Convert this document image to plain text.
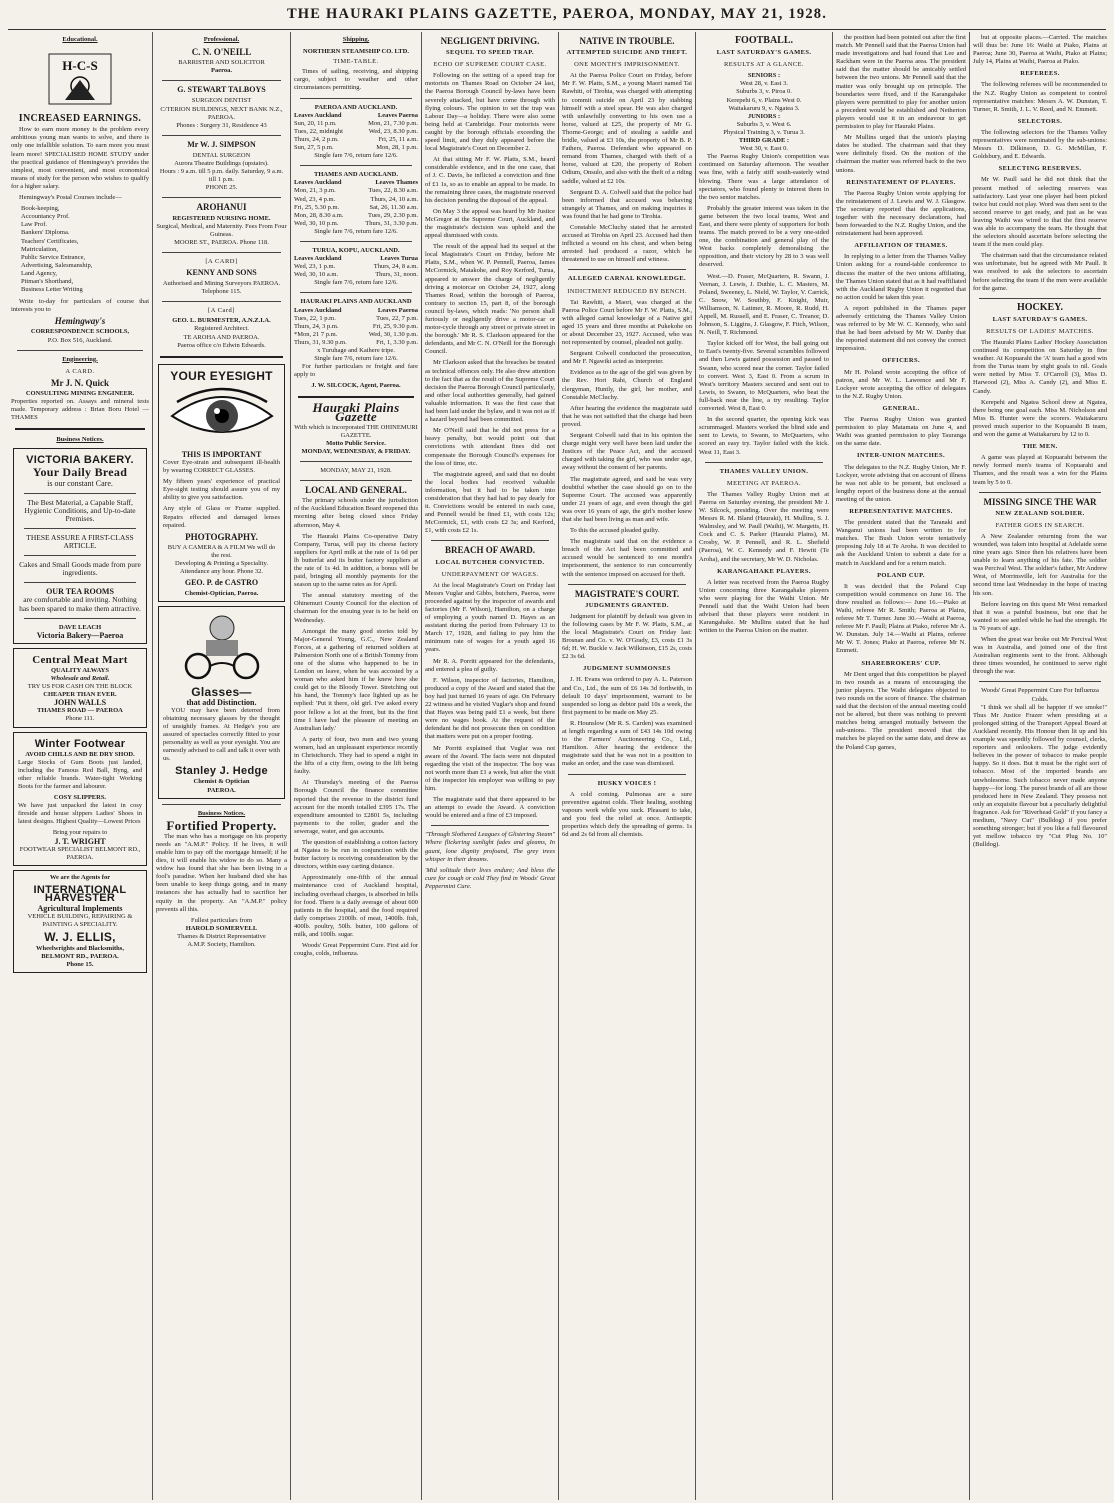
THE HAURAKI PLAINS GAZETTE, PAEROA, MONDAY, MAY 21, 1928.
Educational.
H-C-S
INCREASED EARNINGS.

How to earn more money is the problem every ambitious young man wants to solve, and there is only one infallible solution. To earn more you must learn more! SPECIALISED HOME STUDY under the practical guidance of Hemingway's provides the simplest, most convenient, and most economical means of study for the person who wishes to qualify for a higher salary.

Hemingway's Postal Courses include—

Book-keeping,
Accountancy Prof.
Law Prof.
Bankers' Diploma.
Teachers' Certificates,
Matriculation,
Public Service Entrance,
Advertising, Salesmanship,
Land Agency,
Pitman's Shorthand,
Business Letter Writing

Write to-day for particulars of course that interests you to

Hemingway's
CORRESPONDENCE SCHOOLS,
P.O. Box 516, Auckland.
Engineering.
A CARD.
Mr J. N. Quick
CONSULTING MINING ENGINEER.

Properties reported on. Assays and mineral tests made. Temporary address : Brian Boru Hotel — THAMES

Business Notices.
VICTORIA BAKERY.
Your Daily Bread
is our constant Care.
The Best Material, a Capable Staff, Hygienic Conditions, and Up-to-date Premises.
THESE ASSURE A FIRST-CLASS ARTICLE.
Cakes and Small Goods made from pure ingredients.
OUR TEA ROOMS
are comfortable and inviting. Nothing has been spared to make them attractive.
DAVE LEACH
Victoria Bakery—Paeroa
Central Meat Mart
QUALITY ALWAYS
Wholesale and Retail.
TRY US FOR CASH ON THE BLOCK
CHEAPER THAN EVER.
JOHN WALLS
THAMES ROAD — PAEROA
Phone 111.
Winter Footwear
AVOID CHILLS AND BE DRY SHOD.

Large Stocks of Gum Boots just landed, including the Famous Red Ball, Byng, and other reliable brands. Water-tight Working Boots for the farmer and labourer.

COSY SLIPPERS.

We have just unpacked the latest in cosy fireside and house slippers Ladies' Shoes in latest designs. Highest Quality—Lowest Prices

Bring your repairs to
J. T. WRIGHT
FOOTWEAR SPECIALIST BELMONT RD., PAEROA.
We are the Agents for
INTERNATIONAL HARVESTER
Agricultural Implements
VEHICLE BUILDING, REPAIRING & PAINTING A SPECIALITY.
W. J. ELLIS,
Wheelwrights and Blacksmiths,
BELMONT RD., PAEROA.
Phone 15.
Professional.
C. N. O'NEILL
BARRISTER AND SOLICITOR
Paeroa.
G. STEWART TALBOYS
SURGEON DENTIST
C/TERION BUILDINGS, NEXT BANK N.Z., PAEROA.
Phones : Surgery 31, Residence 43
Mr W. J. SIMPSON
DENTAL SURGEON
Aurora Theatre Buildings (upstairs).
Hours : 9 a.m. till 5 p.m. daily. Saturday, 9 a.m. till 1 p.m.
PHONE 25.
AROHANUI
REGISTERED NURSING HOME.
Surgical, Medical, and Maternity. Fees From Four Guineas.
MOORE ST., PAEROA. Phone 118.
[A CARD]
KENNY AND SONS
Authorised and Mining Surveyors PAEROA.
Telephone 115.
[A Card]
GEO. L. BURMESTER, A.N.Z.I.A.
Registered Architect.
TE AROHA AND PAEROA.
Paeroa office c/o Edwin Edwards.
YOUR EYESIGHT
THIS IS IMPORTANT

Cover Eye-strain and subsequent ill-health by wearing CORRECT GLASSES.

My fifteen years' experience of practical Eye-sight testing should assure you of my ability to give you satisfaction.

Any style of Glass or Frame supplied. Repairs effected and damaged lenses repaired.

PHOTOGRAPHY.
BUY A CAMERA & A FILM We will do the rest.
Developing & Printing a Speciality. Attendance any hour. Phone 32.
GEO. P. de CASTRO
Chemist-Optician, Paeroa.
Glasses—
that add Distinction.

YOU may have been deterred from obtaining necessary glasses by the thought of unsightly frames. At Hedge's you are assured of spectacles correctly fitted to your personality as well as your eyesight. You are earnestly advised to call and talk it over with us.

Stanley J. Hedge
Chemist & Optician
PAEROA.
Business Notices.
Fortified Property.

The man who has a mortgage on his property needs an "A.M.P." Policy. If he lives, it will enable him to pay off the mortgage himself; if he dies, it will enable his widow to do so. Many a widow has found that she has been living in a fool's paradise. When her husband died she has been unable to keep things going, and in many instances she has actually had to sacrifice her equity in the property. An "A.M.P." policy prevents all this.

Fullest particulars from
HAROLD SOMERVELL
Thames & District Representative
A.M.P. Society, Hamilton.
Shipping.
NORTHERN STEAMSHIP CO. LTD.
TIME-TABLE.

Times of sailing, receiving, and shipping cargo, subject to weather and other circumstances permitting.

PAEROA AND AUCKLAND.
Leaves Auckland	Leaves Paeroa
Sun, 20, 11 p.m.	Mon, 21, 7.30 p.m.
Tues, 22, midnight	Wed, 23, 8.30 p.m.
Thurs, 24, 2 p.m.	Fri, 25, 11 a.m.
Sun, 27, 5 p.m.	Mon, 28, 1 p.m.
Single fare 7/6, return fare 12/6.
THAMES AND AUCKLAND.
Leaves Auckland	Leaves Thames
Mon, 21, 3 p.m.	Tues, 22, 8.30 a.m.
Wed, 23, 4 p.m.	Thurs, 24, 10 a.m.
Fri, 25, 5.30 p.m.	Sat, 26, 11.30 a.m.
Mon, 28, 8.30 a.m.	Tues, 29, 2.30 p.m.
Wed, 30, 10 p.m.	Thurs, 31, 3.30 p.m.
Single fare 7/6, return fare 12/6.
TURUA, KOPU, AUCKLAND.
Leaves Auckland	Leaves Turua
Wed, 23, 1 p.m.	Thurs, 24, 8 a.m.
Wed, 30, 10 a.m.	Thurs, 31, noon.
Single fare 7/6, return fare 12/6.
HAURAKI PLAINS AND AUCKLAND
Leaves Auckland	Leaves Paeroa
Tues, 22, 1 p.m.	Tues, 22, 7 p.m.
Thurs, 24, 3 p.m.	Fri, 25, 9.30 p.m.
*Mon, 21 7 p.m.	Wed, 30, 1.30 p.m.
Thurs, 31, 9.30 p.m.	Fri, 1, 3.30 p.m.
x Turuhage and Kaihere tripe.
Single fare 7/6, return fare 12/6.

For further particulars re freight and fare apply to

J. W. SILCOCK, Agent, Paeroa.
Hauraki Plains Gazette
With which is incorporated THE OHINEMURI GAZETTE.
Motto Public Service.
MONDAY, WEDNESDAY, & FRIDAY.
MONDAY, MAY 21, 1928.
LOCAL AND GENERAL.

The primary schools under the jurisdiction of the Auckland Education Board reopened this morning after being closed since Friday afternoon, May 4.

The Hauraki Plains Co-operative Dairy Company, Turua, will pay its cheese factory suppliers for April milk at the rate of 1s 6d per lb butterfat and its butter factory suppliers at the rate of 1s 4d. In addition, a bonus will be paid, bringing all monthly payments for the season up to the same rates as for April.

The annual statutory meeting of the Ohinemuri County Council for the election of chairman for the ensuing year is to be held on Wednesday.

Amongst the many good stories told by Major-General Young, G.C., New Zealand Forces, at a gathering of returned soldiers at Palmerston North one of a British Tommy from one of the slums who happened to be in London on leave, when he was accosted by a woman who asked him if he knew how she could get to the Bloody Tower. Stretching out his hand, the Tommy's face lighted up as he replied: 'Put it there, old girl. I've asked every poor fellow a lot at the front, but its the first time I have had the pleasure of meeting an Australian lady.'

A party of four, two men and two young women, had an unpleasant experience recently in Christchurch. They had to spend a night in the lifts of a city firm, owing to the lift being faulty.

At Thursday's meeting of the Paeroa Borough Council the finance committee reported that the revenue in the district fund account for the month totalled £395 17s. The expenditure amounted to £2801 5s, including payments to the roller, grader and the sewerage, water, and gas accounts.

The question of establishing a cotton factory at Ngatea to be run in conjunction with the butter factory is receiving consideration by the directors, within easy carting distance.

Approximately one-fifth of the annual maintenance cost of Auckland hospital, including overhead charges, is absorbed in bills for food. There is a daily average of about 600 patients in the hospital, and the food required daily comprises 2100lb. of meat, 1400lb. fish, 400lb. poultry, 50lb. butter, 100 gallons of milk, and 100lb. sugar.

Woods' Great Peppermint Cure. First aid for coughs, colds, influenza.

NEGLIGENT DRIVING.
SEQUEL TO SPEED TRAP.
ECHO OF SUPREME COURT CASE.

Following on the setting of a speed trap for motorists on Thames Road on October 24 last, the Paeroa Borough Council by-laws have been severely attacked, but have come through with flying colours. The opinion to set the trap was Labour Day—a holiday. There were also some being held at Cambridge. Four motorists were caught by the borough officials exceeding the speed limit, and they duly appeared before the local Magistrate's Court on December 2.

At that sitting Mr F. W. Platts, S.M., heard considerable evidence, and in the one case, that of J. C. Davis, he inflicted a conviction and fine of £1 1s, so as to enable an appeal to be made. In the remaining three cases, the magistrate reserved his decision pending the disposal of the appeal.

On May 3 the appeal was heard by Mr Justice McGregor at the Supreme Court, Auckland, and the magistrate's decision was upheld and the appeal dismissed with costs.

The result of the appeal had its sequel at the local Magistrate's Court on Friday, before Mr Platts, S.M., when W. P. Pennell, Paeroa, James McCormick, Matakohe, and Roy Kerford, Turua, appeared to answer the charge of negligently driving a motorcar on October 24, 1927, along Thames Road, within the borough of Paeroa, contrary to section 15, part 8, of the borough council by-laws, which reads: 'No person shall furiously or negligently drive a motor-car or motor-cycle through any street or private street in the borough.' Mr R. S. Clarkson appeared for the defendants, and Mr C. N. O'Neill for the Borough Council.

Mr Clarkson asked that the breaches be treated as technical offences only. He also drew attention to the fact that as the result of the Supreme Court decision the Paeroa Borough Council particularly, and other local authorities generally, had gained valuable information. It was the first case that had been laid under the bylaw, and it was not as if a hazard beyond had been committed.

Mr O'Neill said that he did not press for a heavy penalty, but would point out that convictions with attendant fines did not compensate the Borough Council's expenses for the loss of time, etc.

The magistrate agreed, and said that no doubt the local bodies had received valuable information, but it had to be taken into consideration that they had had to pay dearly for it. Convictions would be entered in each case, and Pennell would be fined £1, with costs 12s; McCormick, £1, with costs £2 3s; and Kerford, £1, with costs £2 1s.

BREACH OF AWARD.
LOCAL BUTCHER CONVICTED.
UNDERPAYMENT OF WAGES.

At the local Magistrate's Court on Friday last Messrs Vuglar and Gibbs, butchers, Paeroa, were proceeded against by the inspector of awards and factories (Mr F. Wilson), Hamilton, on a charge of employing a youth named D. Hayes as an assistant during the period from February 13 to March 17, 1928, and failing to pay him the minimum rate of wages for a youth aged 16 years.

Mr R. A. Porritt appeared for the defendants, and entered a plea of guilty.

F. Wilson, inspector of factories, Hamilton, produced a copy of the Award and stated that the boy had just turned 16 years of age. On February 22 witness and he visited Vuglar's shop and found that Hayes was being paid £1 a week, but there were no wages book. At the request of the defendant he did not prosecute then on condition that matters were put on a proper footing.

Mr Porritt explained that Vuglar was not aware of the Award. The facts were not disputed regarding the visit of the inspector. The boy was not worth more than £1 a week, but after the visit of the inspector his employer was willing to pay him.

The magistrate said that there appeared to be an attempt to evade the Award. A conviction would be entered and a fine of £3 imposed.

"Through Slothered Leagues of Glistering Steam" Where flickering sunlight fades and gleams, In gaunt, lone dignity profound, The grey trees whisper in their dreams.

'Mid solitude their lives endure; And bless the cure for cough or cold They find in Woods' Great Peppermint Cure.

NATIVE IN TROUBLE.
ATTEMPTED SUICIDE AND THEFT.
ONE MONTH'S IMPRISONMENT.

At the Paeroa Police Court on Friday, before Mr F. W. Platts, S.M., a young Maori named Tai Rawhiti, of Tirohia, was charged with attempting to commit suicide on April 23 by stabbing himself with a steel spear. He was also charged with unlawfully converting to his own use a horse, valued at £25, the property of Mr G. Thorne-George; and of stealing a saddle and bridle, valued at £3 10s, the property of Mr B. P. Fathers, Paeroa. Defendant who appeared on remand from Thames, charged with theft of a horse, valued at £20, the property of Robert Odium, Onsulo, and also with the theft of a riding saddle, valued at £2 10s.

Sergeant D. A. Colwell said that the police had been informed that accused was behaving strangely at Thames, and on making inquiries it was found that he had gone to Tirohia.

Constable McCluchy stated that he arrested accused at Tirohia on April 23. Accused had then inflicted a wound on his chest, and when being arrested had produced a razor, which he threatened to use on himself and witness.

ALLEGED CARNAL KNOWLEDGE.
INDICTMENT REDUCED BY BENCH.

Tai Rawhiti, a Maori, was charged at the Paeroa Police Court before Mr F. W. Platts, S.M., with alleged carnal knowledge of a Native girl aged 15 years and three months at Pukekohe on or about December 23, 1927. Accused, who was not represented by counsel, pleaded not guilty.

Sergeant Colwell conducted the prosecution, and Mr F. Ngawiki acted as interpreter.

Evidence as to the age of the girl was given by the Rev. Hori Rahi, Church of England clergyman, Huntly, the girl, her mother, and Constable McCluchy.

After hearing the evidence the magistrate said that he was not satisfied that the charge had been proved.

Sergeant Colwell said that in his opinion the charge might very well have been laid under the Justices of the Peace Act, and the accused charged with taking the girl, who was under age, away without the consent of her parents.

The magistrate agreed, and said he was very doubtful whether the case should go on to the Supreme Court. The accused was apparently under 21 years of age, and even though the girl was over 16 years of age, the girl's mother knew that she had been living as man and wife.

To this the accused pleaded guilty.

The magistrate said that on the evidence a breach of the Act had been committed and accused would be sentenced to one month's imprisonment, the sentence to run concurrently with the sentence imposed on accused for theft.

MAGISTRATE'S COURT.
JUDGMENTS GRANTED.

Judgment for plaintiff by default was given in the following cases by Mr F. W. Platts, S.M., at the local Magistrate's Court on Friday last: Brosnan and Co. v. W. O'Grady, £3, costs £1 3s 6d; H. W. Buckle v. Jack Wilkinson, £15 2s, costs £2 3s 6d.

JUDGMENT SUMMONSES

J. H. Evans was ordered to pay A. L. Paterson and Co., Ltd., the sum of £6 14s 3d forthwith, in default 10 days' imprisonment, warrant to be suspended so long as debtor paid 10s a week, the first payment to be made on May 25.

R. Hounslow (Mr R. S. Carden) was examined at length regarding a sum of £43 14s 10d owing to the Farmers' Auctioneering Co., Ltd., Hamilton. After hearing the evidence the magistrate said that he was not in a position to make an order, and the case was dismissed.

HUSKY VOICES !

A cold coming. Pulmonas are a sure preventive against colds. Their healing, soothing vapours work while you suck. Pleasant to take, and you feel the relief at once. Antiseptic properties which defy the spreading of germs. 1s 6d and 2s 6d from all chemists.

FOOTBALL.
LAST SATURDAY'S GAMES.
RESULTS AT A GLANCE.
SENIORS :
West 28, v. East 3.
Suburbs 3, v. Piroa 0.
Kerepehi 6, v. Plains West 0.
Waitakaruru 9, v. Ngatea 3.
JUNIORS :
Suburbs 3, v. West 6.
Physical Training 3, v. Turua 3.
THIRD GRADE :
West 30, v. East 0.

The Paeroa Rugby Union's competition was continued on Saturday afternoon. The weather was fine, with a fairly stiff south-easterly wind blowing. There was a large attendance of spectators, who found plenty to interest them in the two senior matches.

Probably the greater interest was taken in the game between the two local teams, West and East, and there were plenty of supporters for both teams. The match proved to be a very one-sided one, the combination and general play of the West backs completely demoralising the opposition, and their victory by 28 to 3 was well deserved.

West.—D. Fraser, McQuarters, R. Swann, J. Veenan, J. Lewis, J. Duthie, L. C. Masters, M. Poland, Sweeney, L. Nield, W. Taylor, V. Carrick, C. Snow, W. Southby, F. Knight, Muir, Williamson, N. Latimer, R. Moore, R. Rudd, H. Appell, M. Russell, and E. Fraser, C. Treanor, D. Johnson, S. Liggins, J. Glasgow, F. Fitch, Wilson, N. Neill, T. Richmond.

Taylor kicked off for West, the ball going out to East's twenty-five. Several scrambles followed and then Lewis gained possession and passed to Swann, who scored near the corner. Taylor failed to convert. West 3, East 0. From a scrum in West's territory Masters secured and sent out to Lewis, to Swann, to McQuarters, who beat the full-back near the line, a try resulting. Taylor converted. West 8, East 0.

In the second quarter, the opening kick was scrummaged. Masters worked the blind side and sent to Lewis, to Swann, to McQuarters, who scored an easy try. Taylor failed with the kick. West 11, East 3.

THAMES VALLEY UNION.
MEETING AT PAEROA.

The Thames Valley Rugby Union met at Paeroa on Saturday evening, the president Mr J. W. Silcock, presiding. Over the meeting were Messrs R. M. Bland (Hauraki), H. Mullins, S. J. Walmsley, and W. Paull (Waihi), W. Margetts, H. Cock and C. S. Parker (Hauraki Plains), M. Crosby, W. P. Pennell, and R. L. Shefield (Paeroa), W. C. Kennedy and F. Hewitt (Te Aroha), and the secretary, Mr W. D. Nicholas.

KARANGAHAKE PLAYERS.

A letter was received from the Paeroa Rugby Union concerning three Karangahake players who were playing for the Waihi Union. Mr Pennell said that the Waihi Union had been advised that these players were resident in Karangahake. Mr Mullins stated that he had written to the Paeroa Union on the matter.

the position had been pointed out after the first match. Mr Pennell said that the Paeroa Union had made investigations and had found that Lee and Rackham were in the Paeroa area. The president said that the matter should be amicably settled between the two unions. Mr Pennell said that the matter was only brought up on principle. The boundaries were fixed, and if the Karangahake players were permitted to play for another union a precedent would be established and Netherton players would use it in an endeavour to get permission to play for Hauraki Plains.

Mr Mullins urged that the union's playing dates be studied. The chairman said that they were definitely fixed. On the motion of the chairman the matter was referred back to the two unions.

REINSTATEMENT OF PLAYERS.

The Paeroa Rugby Union wrote applying for the reinstatement of J. Lewis and W. J. Glasgow. The secretary reported that the applications, together with the necessary declarations, had been forwarded to the N.Z. Rugby Union, and the reinstatement had been approved.

AFFILIATION OF THAMES.

In replying to a letter from the Thames Valley Union asking for a round-table conference to discuss the matter of the two unions affiliating, the Thames Union stated that as it had reaffiliated with the Auckland Rugby Union it regretted that no action could be taken this year.

A report published in the Thames paper adversely criticising the Thames Valley Union was referred to by Mr W. C. Kennedy, who said that he had been advised by Mr W. Danby that the reported statement did not convey the correct impression.

OFFICERS.

Mr H. Poland wrote accepting the office of patron, and Mr W. L. Lawrence and Mr F. Lockyer wrote accepting the office of delegates to the N.Z. Rugby Union.

GENERAL.

The Paeroa Rugby Union was granted permission to play Matamata on June 4, and Waihi was granted permission to play Tauranga on the same date.

INTER-UNION MATCHES.

The delegates to the N.Z. Rugby Union, Mr F. Lockyer, wrote advising that on account of illness he was not able to be present, but enclosed a lengthy report of the business done at the annual meeting of the union.

REPRESENTATIVE MATCHES.

The president stated that the Taranaki and Wanganui unions had been written to for matches. The Bush Union wrote tentatively proposing July 18 at Te Aroha. It was decided to ask the Auckland Union to submit a date for a match in Auckland and for a return match.

POLAND CUP.

It was decided that the Poland Cup competition would commence on June 16. The draw resulted as follows:— June 16.—Piako at Waihi, referee Mr R. Smith; Paeroa at Plains, referee Mr T. Turner. June 30.—Waihi at Paeroa, referee Mr F. Paull; Plains at Piako, referee Mr A. W. Dunstan. July 14.—Waihi at Plains, referee Mr W. T. Jones; Piako at Paeroa, referee Mr N. Emmett.

SHAREBROKERS' CUP.

Mr Dent urged that this competition be played in two rounds as a means of encouraging the junior players. The Waihi delegates objected to two rounds on the score of finance. The chairman said that the decision of the annual meeting could not be altered, but there was nothing to prevent matches being arranged mutually between the sub-unions. The president moved that the matches be played on the same date, and drew as the Poland Cup games,

but at opposite places.—Carried. The matches will thus be: June 16: Waihi at Piako, Plains at Paeroa; June 30, Paeroa at Waihi, Piako at Plains; July 14, Plains at Waihi, Paeroa at Piako.

REFEREES.

The following referees will be recommended to the N.Z. Rugby Union as competent to control representative matches: Messrs A. W. Dunstan, T. Turner, R. Smith, J. L. V. Reed, and N. Emmett.

SELECTORS.

The following selectors for the Thames Valley representatives were nominated by the sub-unions: Messrs D. Dilkinson, D. G. McMillan, F. Goldsbury, and E. Edwards.

SELECTING RESERVES.

Mr W. Paull said he did not think that the present method of selecting reserves was satisfactory. Last year one player had been picked twice but could not play. Word was then sent to the second reserve to get ready, and just as he was leaving Waihi was wired to that the first reserve was able to accompany the team. He thought that the selectors should ascertain before selecting the team if the men could play.

The chairman said that the circumstance related was unfortunate, but he agreed with Mr Paull. It was resolved to ask the selectors to ascertain before selecting the team if the men were available for the game.

HOCKEY.
LAST SATURDAY'S GAMES.
RESULTS OF LADIES' MATCHES.

The Hauraki Plains Ladies' Hockey Association continued its competition on Saturday in fine weather. At Kopuarahi the 'A' team had a good win from the Turua team by eight goals to nil. Goals were netted by Miss T. O'Carroll (3), Miss D. Harwood (2), Miss A. Candy (2), and Miss E. Candy.

Kerepehi and Ngatea School drew at Ngatea, there being one goal each. Miss M. Nicholson and Miss B. Hunter were the scorers. Waitakaruru proved much superior to the Kopuarahi B team, and won the game at Waitakaruru by 12 to 0.

THE MEN.

A game was played at Kopuarahi between the newly formed men's teams of Kopuarahi and Thames, and the result was a win for the Plains team by 5 to 0.

MISSING SINCE THE WAR
NEW ZEALAND SOLDIER.
FATHER GOES IN SEARCH.

A New Zealander returning from the war wounded, was taken into hospital at Adelaide some nine years ago. Since then his relatives have been unable to learn anything of his fate. The soldier was Percival West. The soldier's father, Mr Andrew West, of Morrinsville, left for Australia for the second time last Wednesday in the hope of tracing his son.

Before leaving on this quest Mr West remarked that it was a painful business, but one that he wanted to see settled while he had the strength. He is 76 years of age.

When the great war broke out Mr Percival West was in Australia, and joined one of the first Australian regiments sent to the front. Although three times wounded, he continued to serve right through the war.

Woods' Great Peppermint Cure For Influenza Colds.

"I think we shall all be happier if we smoke!" Thus Mr Justice Frazer when presiding at a prolonged sitting of the Transport Appeal Board at Auckland recently. His Honour then lit up and his example was speedily followed by counsel, clerks, reporters and onlookers. The judge evidently believes in the power of tobacco to make people happy. So it does. But it must be the right sort of tobacco. Most of the imported brands are unwholesome. Such tobacco never made anyone happy—for long. The purest brands of all are those produced here in New Zealand. They possess not only an exquisite flavour but a peculiarly delightful fragrance. Ask for "Riverhead Gold" if you fancy a medium, "Navy Cut" (Bulldog) if you prefer something stronger; but if you like a full flavoured yet mellow tobacco try "Cut Plug No. 10" (Bulldog).
